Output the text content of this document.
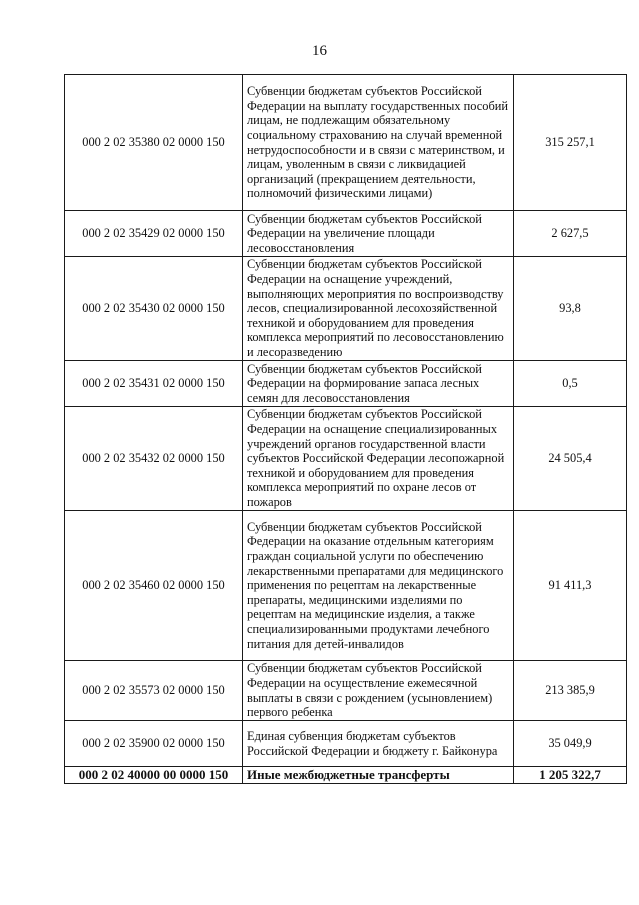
16
000 2 02 35380 02 0000 150	Субвенции бюджетам субъектов Российской Федерации на выплату государственных пособий лицам, не подлежащим обязательному социальному страхованию на случай временной нетрудоспособности и в связи с материнством, и лицам, уволенным в связи с ликвидацией организаций (прекращением деятельности, полномочий физическими лицами)	315 257,1
000 2 02 35429 02 0000 150	Субвенции бюджетам субъектов Российской Федерации на увеличение площади лесовосстановления	2 627,5
000 2 02 35430 02 0000 150	Субвенции бюджетам субъектов Российской Федерации на оснащение учреждений, выполняющих мероприятия по воспроизводству лесов, специализированной лесохозяйственной техникой и оборудованием для проведения комплекса мероприятий по лесовосстановлению и лесоразведению	93,8
000 2 02 35431 02 0000 150	Субвенции бюджетам субъектов Российской Федерации на формирование запаса лесных семян для лесовосстановления	0,5
000 2 02 35432 02 0000 150	Субвенции бюджетам субъектов Российской Федерации на оснащение специализированных учреждений органов государственной власти субъектов Российской Федерации лесопожарной техникой и оборудованием для проведения комплекса мероприятий по охране лесов от пожаров	24 505,4
000 2 02 35460 02 0000 150	Субвенции бюджетам субъектов Российской Федерации на оказание отдельным категориям граждан социальной услуги по обеспечению лекарственными препаратами для медицинского применения по рецептам на лекарственные препараты, медицинскими изделиями по рецептам на медицинские изделия, а также специализированными продуктами лечебного питания для детей-инвалидов	91 411,3
000 2 02 35573 02 0000 150	Субвенции бюджетам субъектов Российской Федерации на осуществление ежемесячной выплаты в связи с рождением (усыновлением) первого ребенка	213 385,9
000 2 02 35900 02 0000 150	Единая субвенция бюджетам субъектов Российской Федерации и бюджету г. Байконура	35 049,9
000 2 02 40000 00 0000 150	Иные межбюджетные трансферты	1 205 322,7
